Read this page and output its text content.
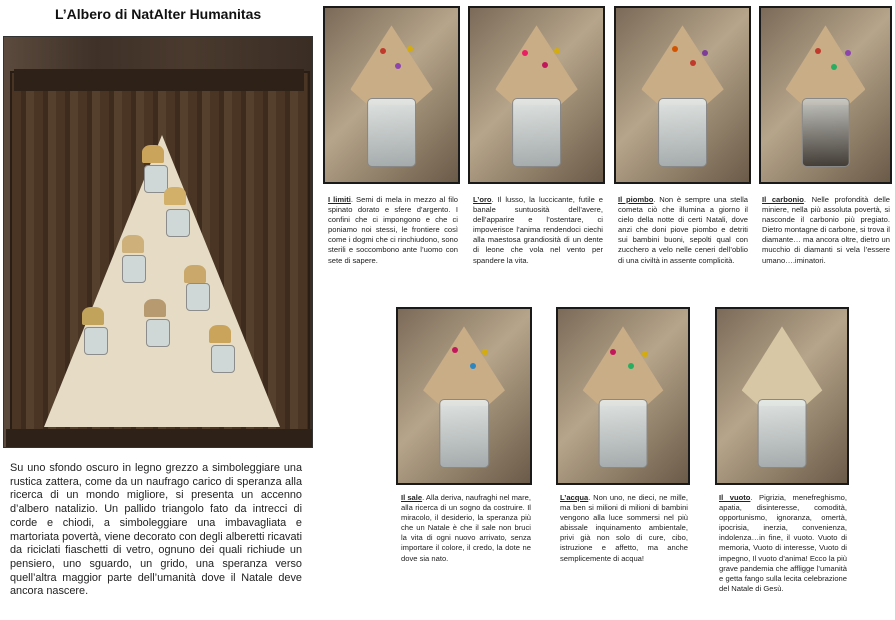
L’Albero di NatAlter Humanitas
Su uno sfondo oscuro in legno grezzo a simboleggiare una rustica zattera, come da un naufrago carico di speranza alla ricerca di un mondo migliore, si presenta un accenno d’albero natalizio. Un pallido triangolo fato da intrecci di corde e chiodi, a simboleggiare una imbavagliata e martoriata povertà, viene decorato con degli alberetti ricavati da riciclati fiaschetti di vetro, ognuno dei quali richiude un pensiero, uno sguardo, un grido, una speranza verso quell’altra maggior parte dell’umanità dove il Natale deve ancora nascere.
I limiti. Semi di mela in mezzo al filo spinato dorato e sfere d’argento. I confini che ci impongono e che ci poniamo noi stessi, le frontiere così come i dogmi che ci rinchiudono, sono sterili e soccombono ante l’uomo con sete di sapere.
L’oro. Il lusso, la luccicante, futile e banale suntuosità dell’avere, dell’apparire e l’ostentare, ci impoverisce l’anima rendendoci ciechi alla maestosa grandiosità di un dente di leone che vola nel vento per spandere la vita.
Il piombo. Non è sempre una stella cometa ciò che illumina a giorno il cielo della notte di certi Natali, dove anzi che doni piove piombo e detriti sui bambini buoni, sepolti qual con zucchero a velo nelle ceneri dell’oblio di una civiltà in assente complicità.
Il carbonio. Nelle profondità delle miniere, nella più assoluta povertà, si nasconde il carbonio più pregiato. Dietro montagne di carbone, si trova il diamante… ma ancora oltre, dietro un mucchio di diamanti si vela l’essere umano….iminatori.
Il sale. Alla deriva, naufraghi nel mare, alla ricerca di un sogno da costruire. Il miracolo, il desiderio, la speranza più che un Natale è che il sale non bruci la vita di ogni nuovo arrivato, senza importare il colore, il credo, la dote ne dove sia nato.
L’acqua. Non uno, ne dieci, ne mille, ma ben si milioni di milioni di bambini vengono alla luce sommersi nel più abissale inquinamento ambientale, privi già non solo di cure, cibo, istruzione e affetto, ma anche semplicemente di acqua!
Il vuoto. Pigrizia, menefreghismo, apatia, disinteresse, comodità, opportunismo, ignoranza, omertà, ipocrisia, inerzia, convenienza, indolenza…in fine, il vuoto. Vuoto di memoria, Vuoto di interesse, Vuoto di impegno, Il vuoto d’anima! Ecco la più grave pandemia che affligge l’umanità e getta fango sulla lecita celebrazione del Natale di Gesù.
